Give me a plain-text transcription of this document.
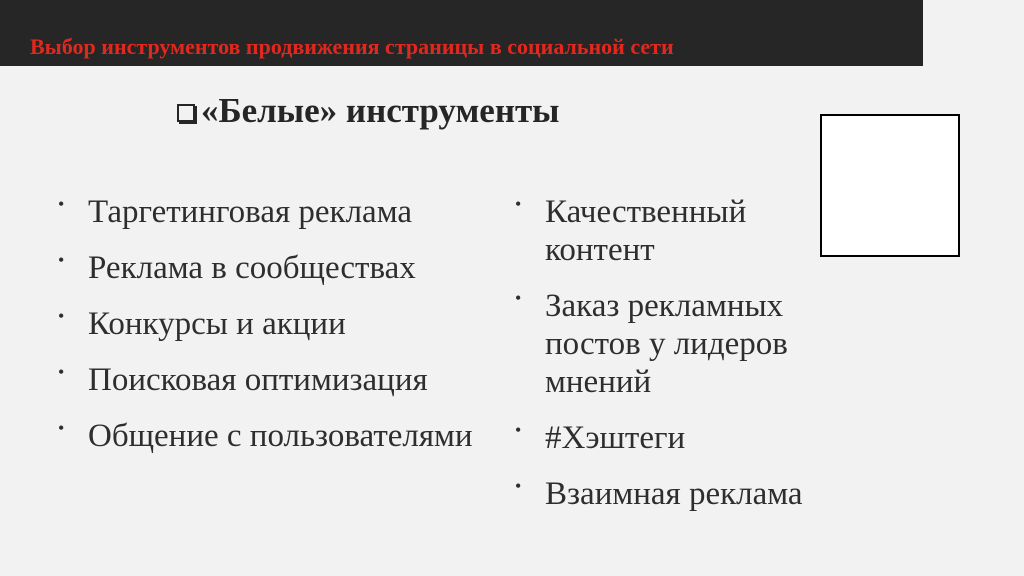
Выбор инструментов продвижения страницы в социальной сети
«Белые» инструменты
• Таргетинговая реклама
• Реклама в сообществах
• Конкурсы и акции
• Поисковая оптимизация
• Общение с пользователями
• Качественный контент
• Заказ рекламных постов у лидеров мнений
• #Хэштеги
• Взаимная реклама
